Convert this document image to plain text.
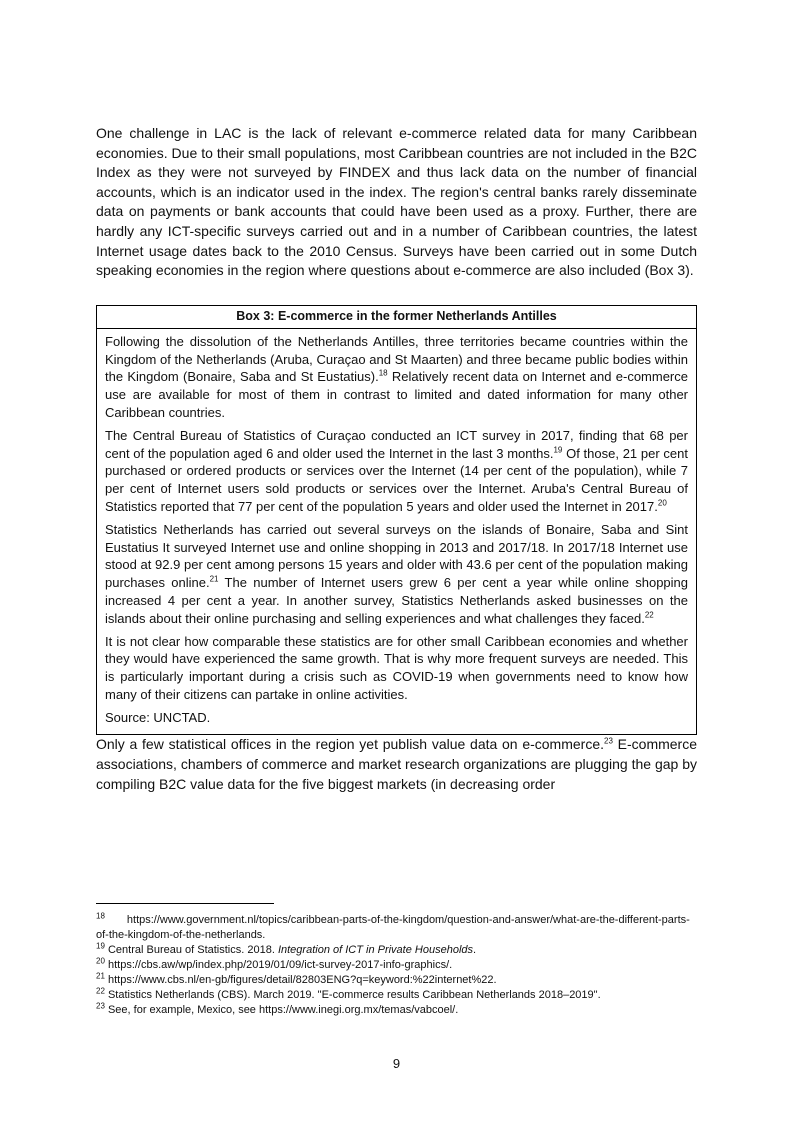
One challenge in LAC is the lack of relevant e-commerce related data for many Caribbean economies. Due to their small populations, most Caribbean countries are not included in the B2C Index as they were not surveyed by FINDEX and thus lack data on the number of financial accounts, which is an indicator used in the index. The region's central banks rarely disseminate data on payments or bank accounts that could have been used as a proxy. Further, there are hardly any ICT-specific surveys carried out and in a number of Caribbean countries, the latest Internet usage dates back to the 2010 Census. Surveys have been carried out in some Dutch speaking economies in the region where questions about e-commerce are also included (Box 3).

Box 3: E-commerce in the former Netherlands Antilles

Following the dissolution of the Netherlands Antilles, three territories became countries within the Kingdom of the Netherlands (Aruba, Curaçao and St Maarten) and three became public bodies within the Kingdom (Bonaire, Saba and St Eustatius).$^{18}$ Relatively recent data on Internet and e-commerce use are available for most of them in contrast to limited and dated information for many other Caribbean countries.

The Central Bureau of Statistics of Curaçao conducted an ICT survey in 2017, finding that 68 per cent of the population aged 6 and older used the Internet in the last 3 months.$^{19}$ Of those, 21 per cent purchased or ordered products or services over the Internet (14 per cent of the population), while 7 per cent of Internet users sold products or services over the Internet. Aruba's Central Bureau of Statistics reported that 77 per cent of the population 5 years and older used the Internet in 2017.20

Statistics Netherlands has carried out several surveys on the islands of Bonaire, Saba and Sint Eustatius It surveyed Internet use and online shopping in 2013 and 2017/18. In 2017/18 Internet use stood at 92.9 per cent among persons 15 years and older with 43.6 per cent of the population making purchases online.$^{21}$ The number of Internet users grew 6 per cent a year while online shopping increased 4 per cent a year. In another survey, Statistics Netherlands asked businesses on the islands about their online purchasing and selling experiences and what challenges they faced.$^{22}$

It is not clear how comparable these statistics are for other small Caribbean economies and whether they would have experienced the same growth. That is why more frequent surveys are needed. This is particularly important during a crisis such as COVID-19 when governments need to know how many of their citizens can partake in online activities.

Source: UNCTAD.

Only a few statistical offices in the region yet publish value data on e-commerce.$^{23}$ E-commerce associations, chambers of commerce and market research organizations are plugging the gap by compiling B2C value data for the five biggest markets (in decreasing order

$^{18}$ https://www.government.nl/topics/caribbean-parts-of-the-kingdom/question-and-answer/what-are-the-different-parts-of-the-kingdom-of-the-netherlands.

$^{19}$ Central Bureau of Statistics. 2018. Integration of ICT in Private Households.

$^{20}$ https://cbs.aw/wp/index.php/2019/01/09/ict-survey-2017-info-graphics/.

$^{21}$ https://www.cbs.nl/en-gb/figures/detail/82803ENG?q=keyword:%22internet%22.

$^{22}$ Statistics Netherlands (CBS). March 2019. "E-commerce results Caribbean Netherlands 2018–2019".

$^{23}$ See, for example, Mexico, see https://www.inegi.org.mx/temas/vabcoel/.

9
